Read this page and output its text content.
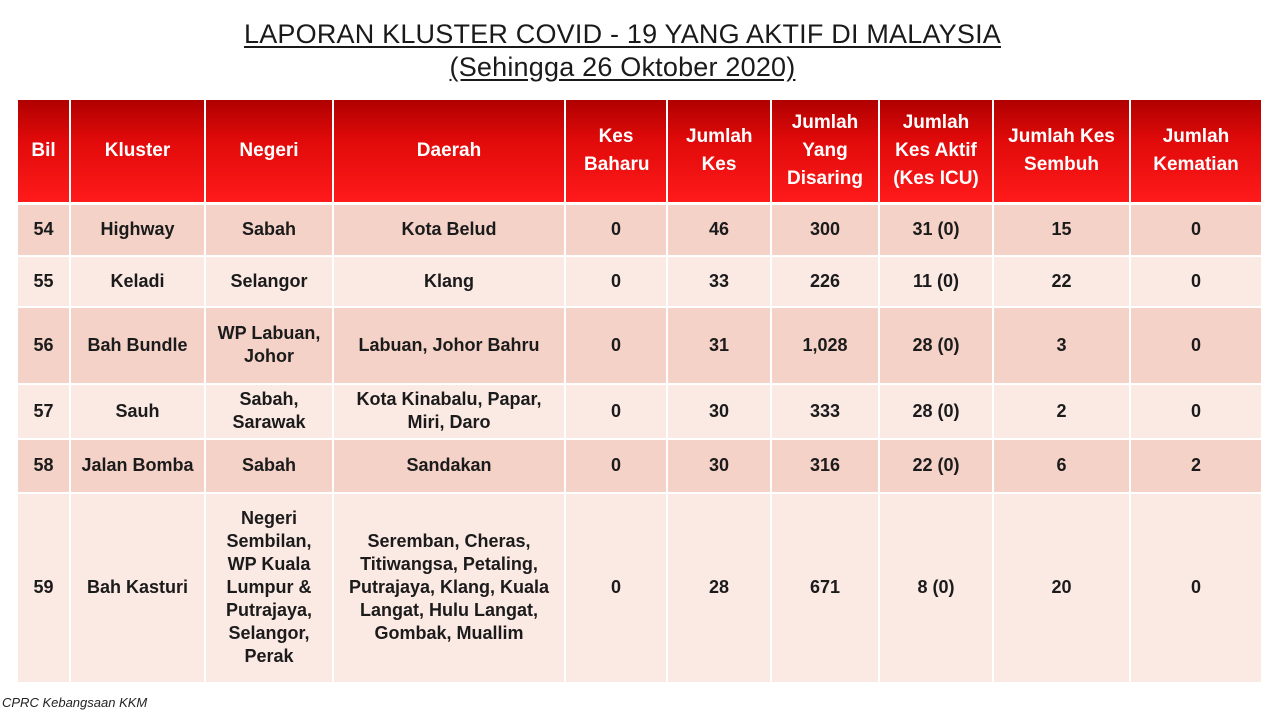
LAPORAN KLUSTER COVID - 19 YANG AKTIF DI MALAYSIA
(Sehingga 26 Oktober 2020)
Bil	Kluster	Negeri	Daerah	Kes Baharu	Jumlah Kes	Jumlah Yang Disaring	Jumlah Kes Aktif (Kes ICU)	Jumlah Kes Sembuh	Jumlah Kematian
54	Highway	Sabah	Kota Belud	0	46	300	31 (0)	15	0
55	Keladi	Selangor	Klang	0	33	226	11 (0)	22	0
56	Bah Bundle	WP Labuan, Johor	Labuan, Johor Bahru	0	31	1,028	28 (0)	3	0
57	Sauh	Sabah, Sarawak	Kota Kinabalu, Papar, Miri, Daro	0	30	333	28 (0)	2	0
58	Jalan Bomba	Sabah	Sandakan	0	30	316	22 (0)	6	2
59	Bah Kasturi	Negeri Sembilan, WP Kuala Lumpur & Putrajaya, Selangor, Perak	Seremban, Cheras, Titiwangsa, Petaling, Putrajaya, Klang, Kuala Langat, Hulu Langat, Gombak, Muallim	0	28	671	8 (0)	20	0
CPRC Kebangsaan KKM
